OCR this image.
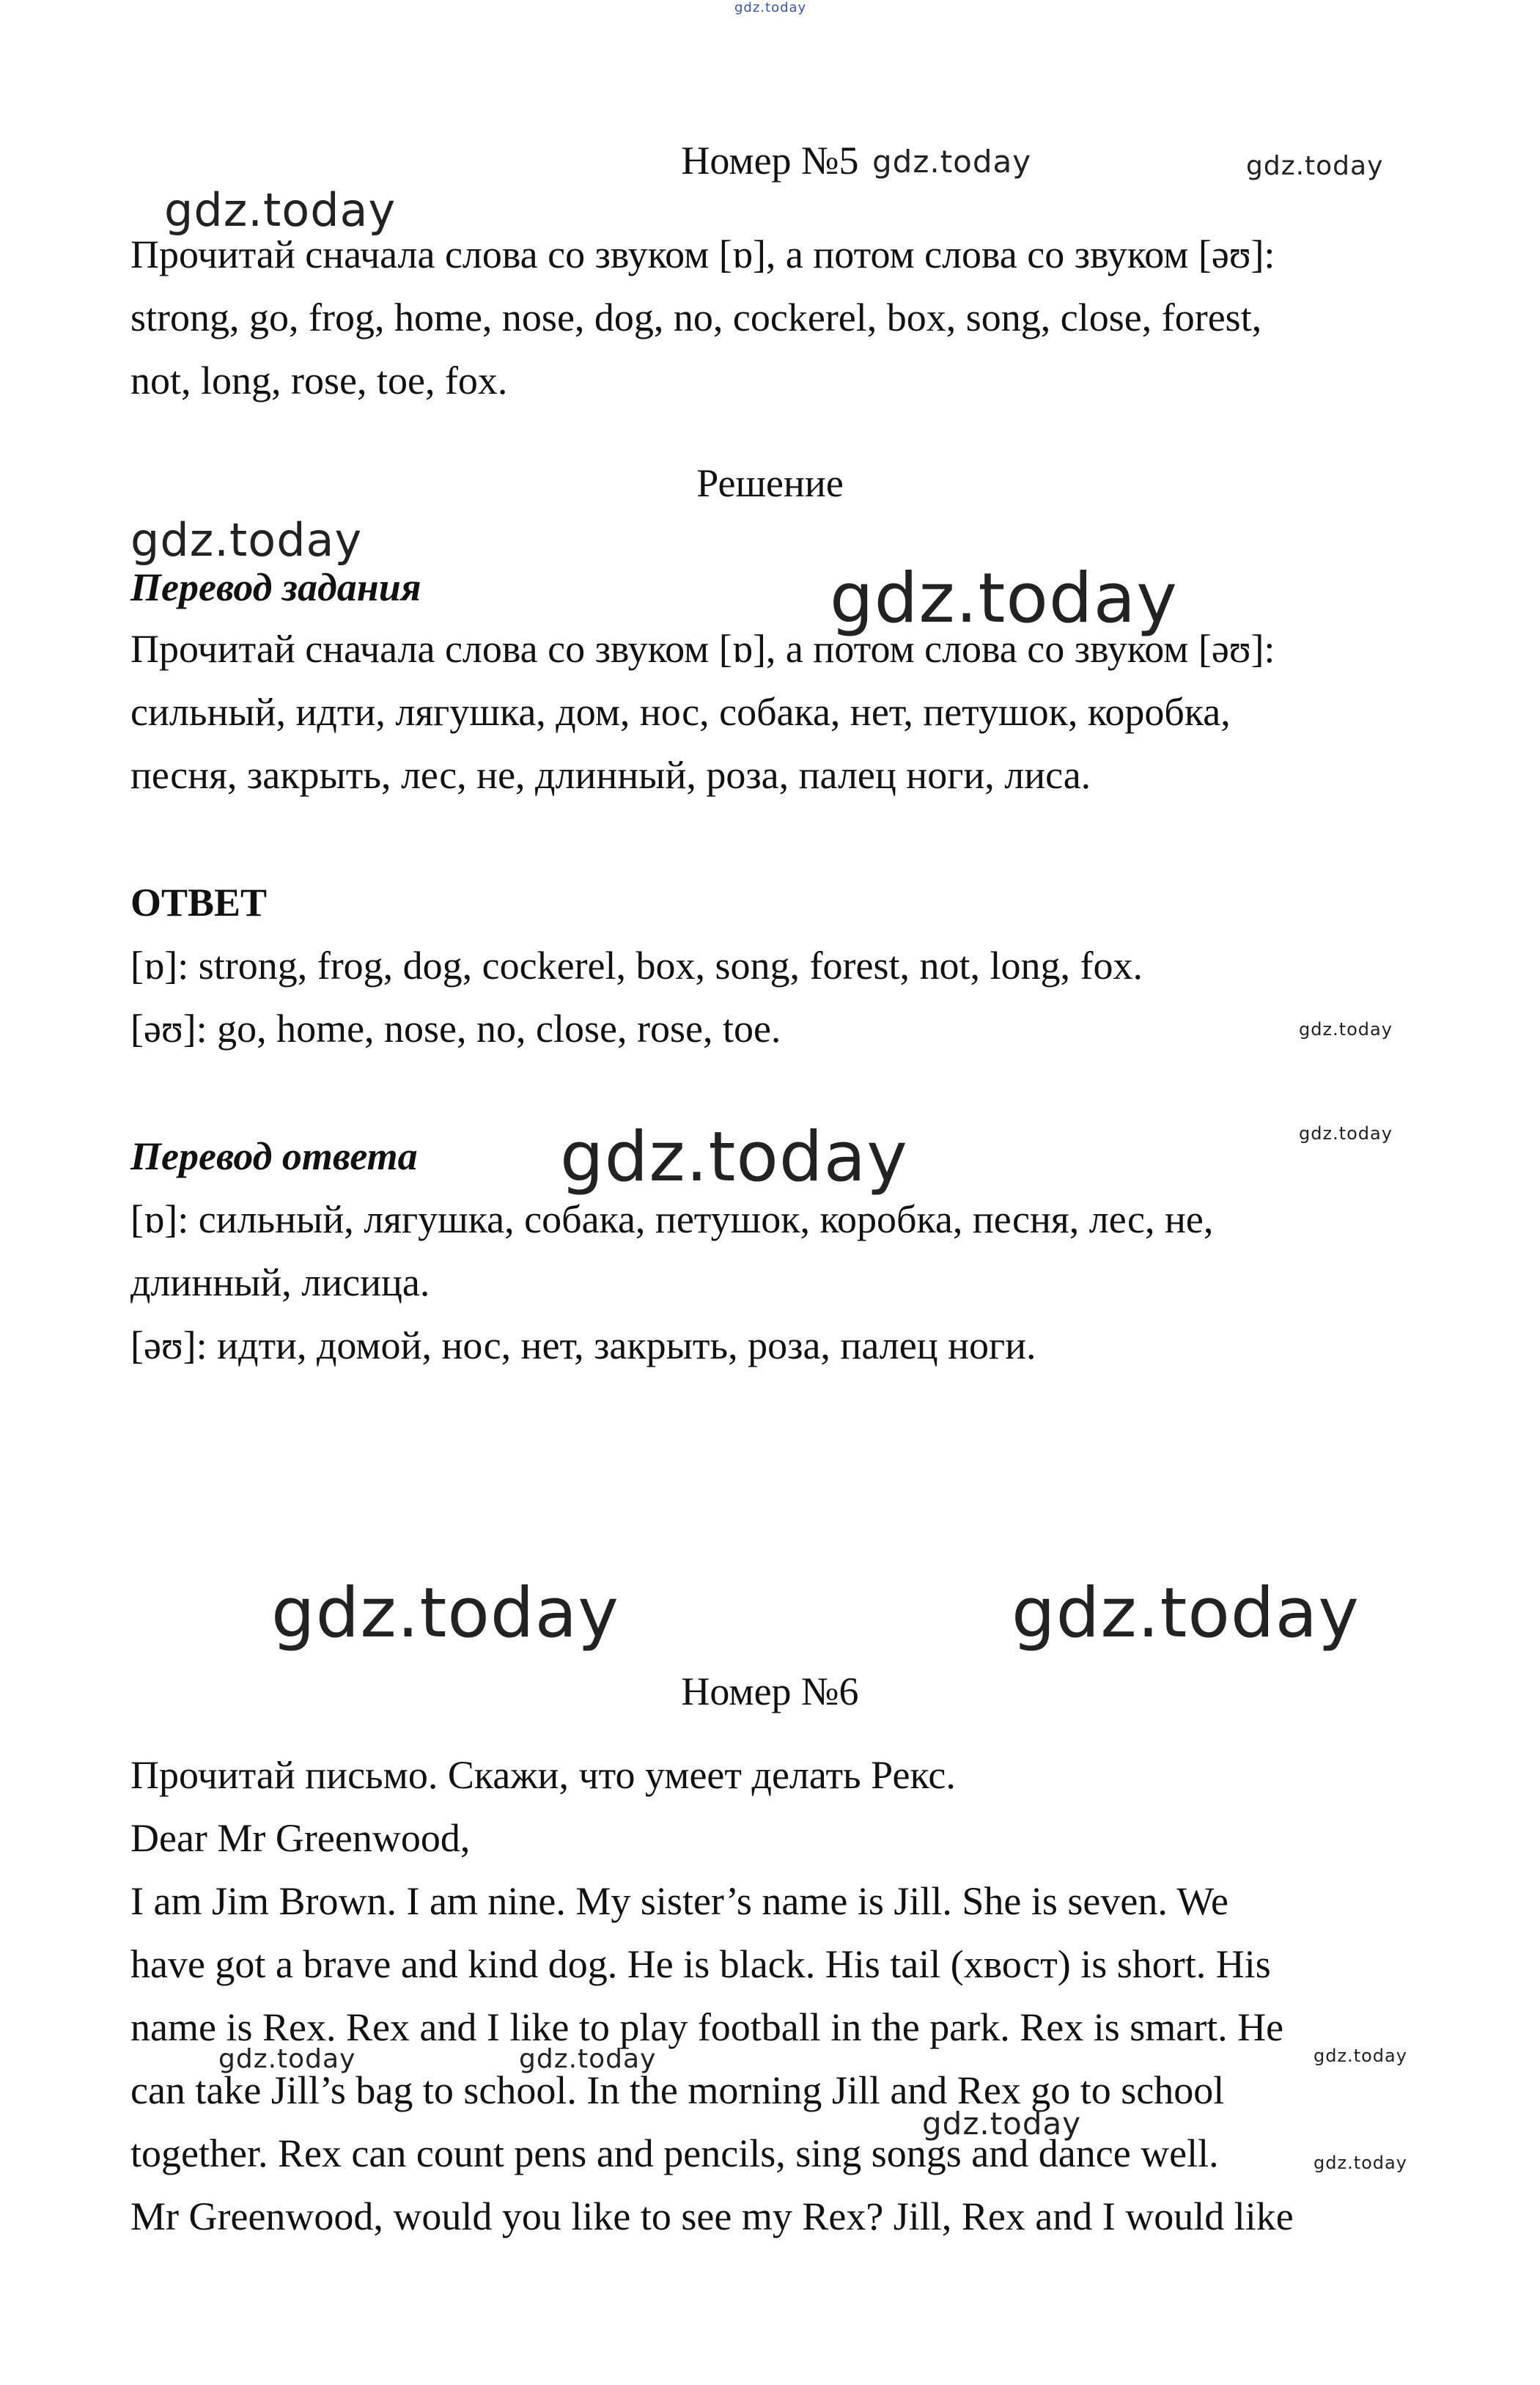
Номер №5
Прочитай сначала слова со звуком [ɒ], а потом слова со звуком [əʊ]:
strong, go, frog, home, nose, dog, no, cockerel, box, song, close, forest,
not, long, rose, toe, fox.
Решение
Перевод задания
Прочитай сначала слова со звуком [ɒ], а потом слова со звуком [əʊ]:
сильный, идти, лягушка, дом, нос, собака, нет, петушок, коробка,
песня, закрыть, лес, не, длинный, роза, палец ноги, лиса.
ОТВЕТ
[ɒ]: strong, frog, dog, cockerel, box, song, forest, not, long, fox.
[əʊ]: go, home, nose, no, close, rose, toe.
Перевод ответа
[ɒ]: сильный, лягушка, собака, петушок, коробка, песня, лес, не,
длинный, лисица.
[əʊ]: идти, домой, нос, нет, закрыть, роза, палец ноги.
Номер №6
Прочитай письмо. Скажи, что умеет делать Рекс.
Dear Mr Greenwood,
I am Jim Brown. I am nine. My sister’s name is Jill. She is seven. We
have got a brave and kind dog. He is black. His tail (хвост) is short. His
name is Rex. Rex and I like to play football in the park. Rex is smart. He
can take Jill’s bag to school. In the morning Jill and Rex go to school
together. Rex can count pens and pencils, sing songs and dance well.
Mr Greenwood, would you like to see my Rex? Jill, Rex and I would like
gdz.today
gdz.today	gdz.today
gdz.today
gdz.today
gdz.today
gdz.today
gdz.today
gdz.today
gdz.today	gdz.today
gdz.today	gdz.today	gdz.today
gdz.today
gdz.today
